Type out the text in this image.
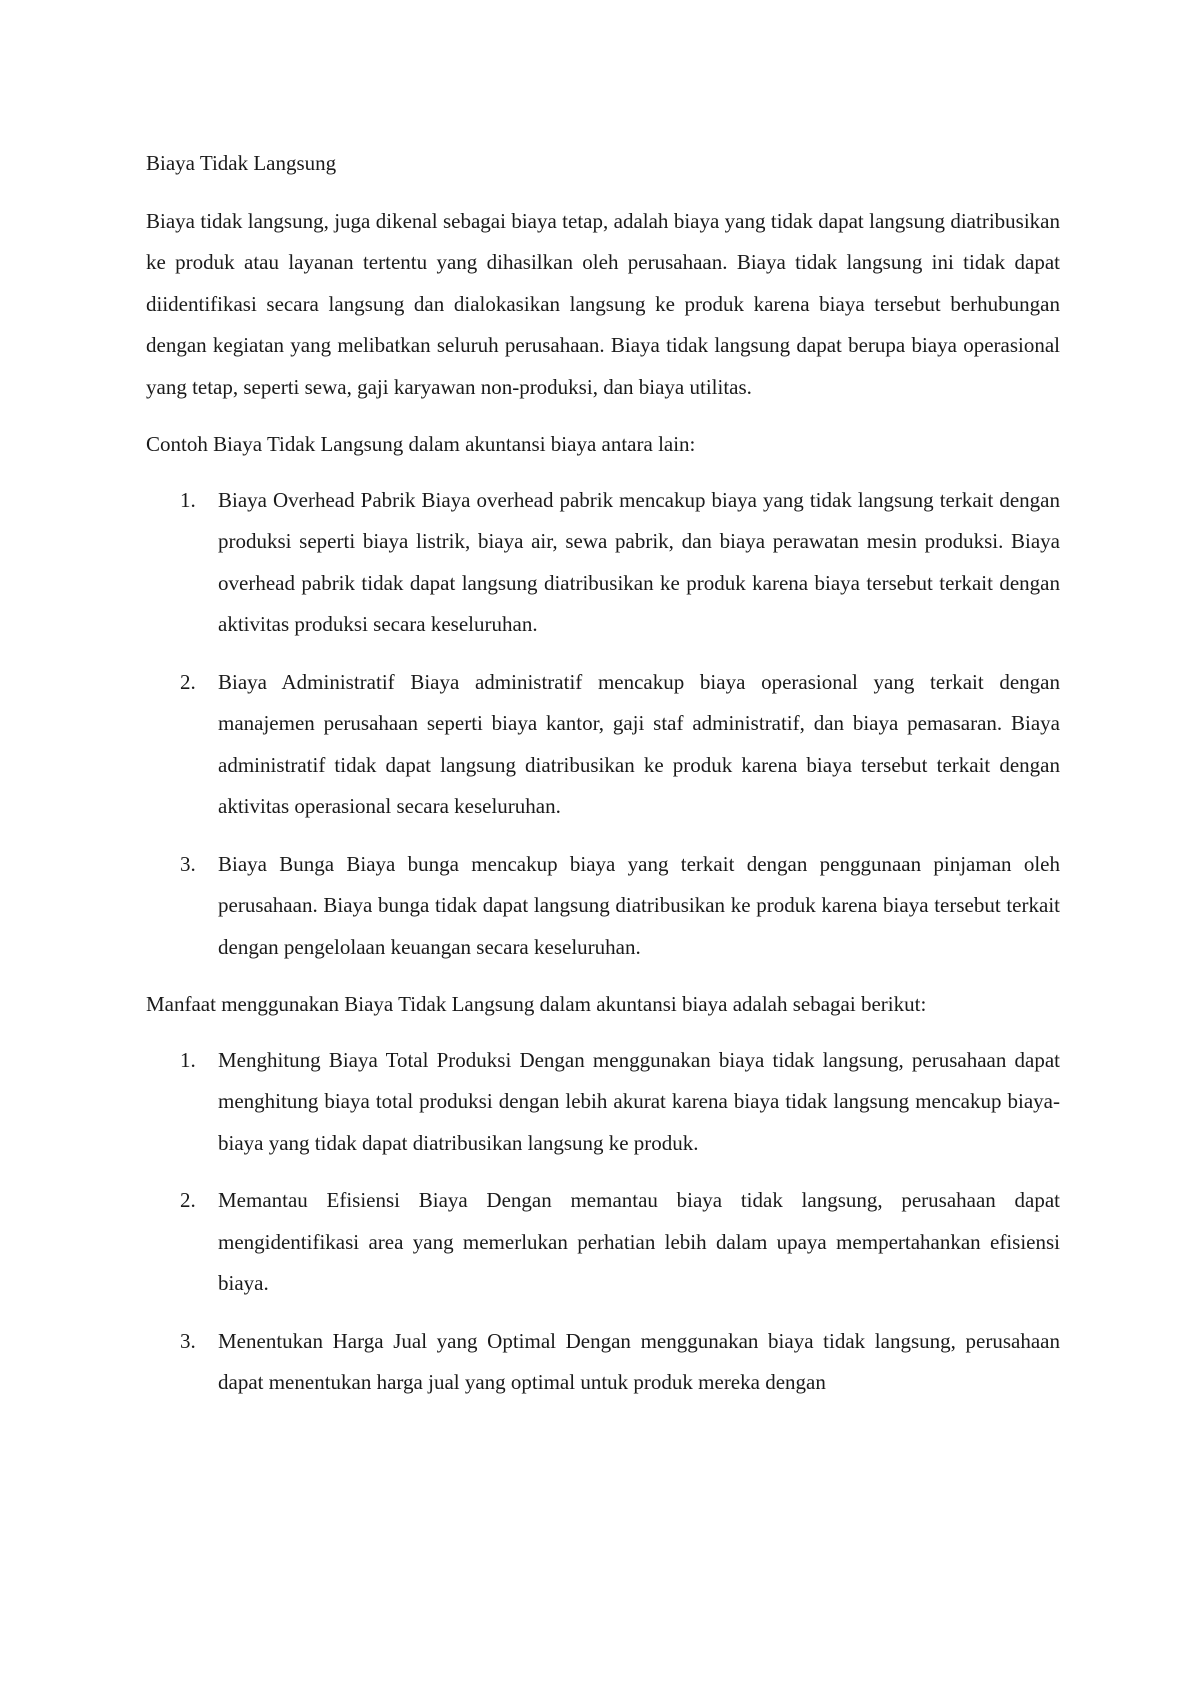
Biaya Tidak Langsung

Biaya tidak langsung, juga dikenal sebagai biaya tetap, adalah biaya yang tidak dapat langsung diatribusikan ke produk atau layanan tertentu yang dihasilkan oleh perusahaan. Biaya tidak langsung ini tidak dapat diidentifikasi secara langsung dan dialokasikan langsung ke produk karena biaya tersebut berhubungan dengan kegiatan yang melibatkan seluruh perusahaan. Biaya tidak langsung dapat berupa biaya operasional yang tetap, seperti sewa, gaji karyawan non-produksi, dan biaya utilitas.

Contoh Biaya Tidak Langsung dalam akuntansi biaya antara lain:

1. Biaya Overhead Pabrik Biaya overhead pabrik mencakup biaya yang tidak langsung terkait dengan produksi seperti biaya listrik, biaya air, sewa pabrik, dan biaya perawatan mesin produksi. Biaya overhead pabrik tidak dapat langsung diatribusikan ke produk karena biaya tersebut terkait dengan aktivitas produksi secara keseluruhan.
2. Biaya Administratif Biaya administratif mencakup biaya operasional yang terkait dengan manajemen perusahaan seperti biaya kantor, gaji staf administratif, dan biaya pemasaran. Biaya administratif tidak dapat langsung diatribusikan ke produk karena biaya tersebut terkait dengan aktivitas operasional secara keseluruhan.
3. Biaya Bunga Biaya bunga mencakup biaya yang terkait dengan penggunaan pinjaman oleh perusahaan. Biaya bunga tidak dapat langsung diatribusikan ke produk karena biaya tersebut terkait dengan pengelolaan keuangan secara keseluruhan.

Manfaat menggunakan Biaya Tidak Langsung dalam akuntansi biaya adalah sebagai berikut:

1. Menghitung Biaya Total Produksi Dengan menggunakan biaya tidak langsung, perusahaan dapat menghitung biaya total produksi dengan lebih akurat karena biaya tidak langsung mencakup biaya-biaya yang tidak dapat diatribusikan langsung ke produk.
2. Memantau Efisiensi Biaya Dengan memantau biaya tidak langsung, perusahaan dapat mengidentifikasi area yang memerlukan perhatian lebih dalam upaya mempertahankan efisiensi biaya.
3. Menentukan Harga Jual yang Optimal Dengan menggunakan biaya tidak langsung, perusahaan dapat menentukan harga jual yang optimal untuk produk mereka dengan
